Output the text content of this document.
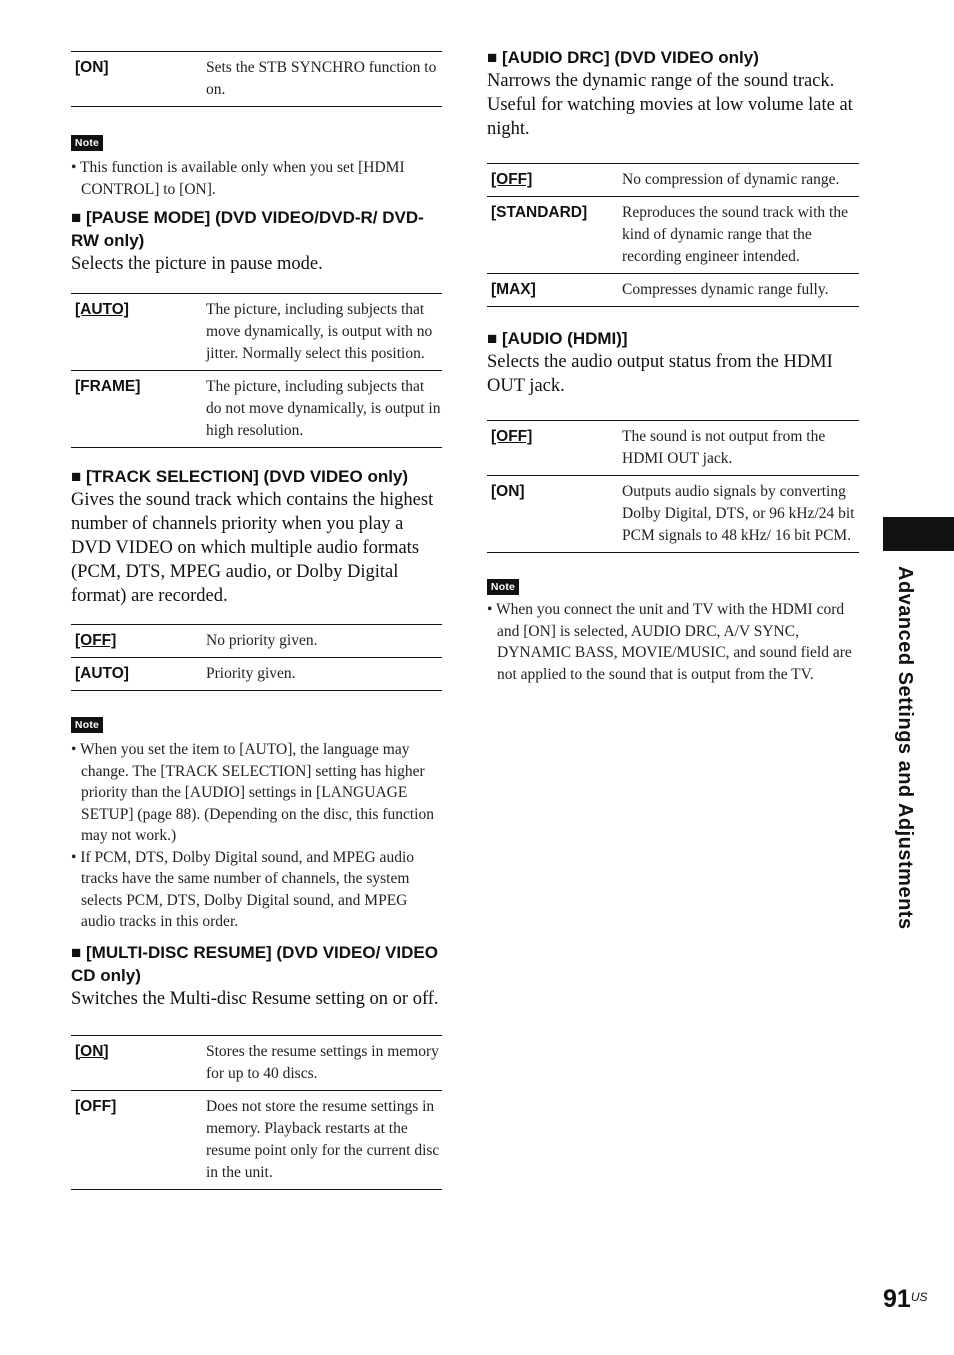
[ON]	Sets the STB SYNCHRO function to on.
Note
• This function is available only when you set [HDMI CONTROL] to [ON].
■ [PAUSE MODE] (DVD VIDEO/DVD-R/ DVD-RW only)

Selects the picture in pause mode.

[AUTO]	The picture, including subjects that move dynamically, is output with no jitter. Normally select this position.
[FRAME]	The picture, including subjects that do not move dynamically, is output in high resolution.
■ [TRACK SELECTION] (DVD VIDEO only)

Gives the sound track which contains the highest number of channels priority when you play a DVD VIDEO on which multiple audio formats (PCM, DTS, MPEG audio, or Dolby Digital format) are recorded.

[OFF]	No priority given.
[AUTO]	Priority given.
Note
• When you set the item to [AUTO], the language may change. The [TRACK SELECTION] setting has higher priority than the [AUDIO] settings in [LANGUAGE SETUP] (page 88). (Depending on the disc, this function may not work.)
• If PCM, DTS, Dolby Digital sound, and MPEG audio tracks have the same number of channels, the system selects PCM, DTS, Dolby Digital sound, and MPEG audio tracks in this order.
■ [MULTI-DISC RESUME] (DVD VIDEO/ VIDEO CD only)

Switches the Multi-disc Resume setting on or off.

[ON]	Stores the resume settings in memory for up to 40 discs.
[OFF]	Does not store the resume settings in memory. Playback restarts at the resume point only for the current disc in the unit.
■ [AUDIO DRC] (DVD VIDEO only)

Narrows the dynamic range of the sound track. Useful for watching movies at low volume late at night.

[OFF]	No compression of dynamic range.
[STANDARD]	Reproduces the sound track with the kind of dynamic range that the recording engineer intended.
[MAX]	Compresses dynamic range fully.
■ [AUDIO (HDMI)]

Selects the audio output status from the HDMI OUT jack.

[OFF]	The sound is not output from the HDMI OUT jack.
[ON]	Outputs audio signals by converting Dolby Digital, DTS, or 96 kHz/24 bit PCM signals to 48 kHz/ 16 bit PCM.
Note
• When you connect the unit and TV with the HDMI cord and [ON] is selected, AUDIO DRC, A/V SYNC, DYNAMIC BASS, MOVIE/MUSIC, and sound field are not applied to the sound that is output from the TV.	Advanced Settings and Adjustments
$91^{US}$
